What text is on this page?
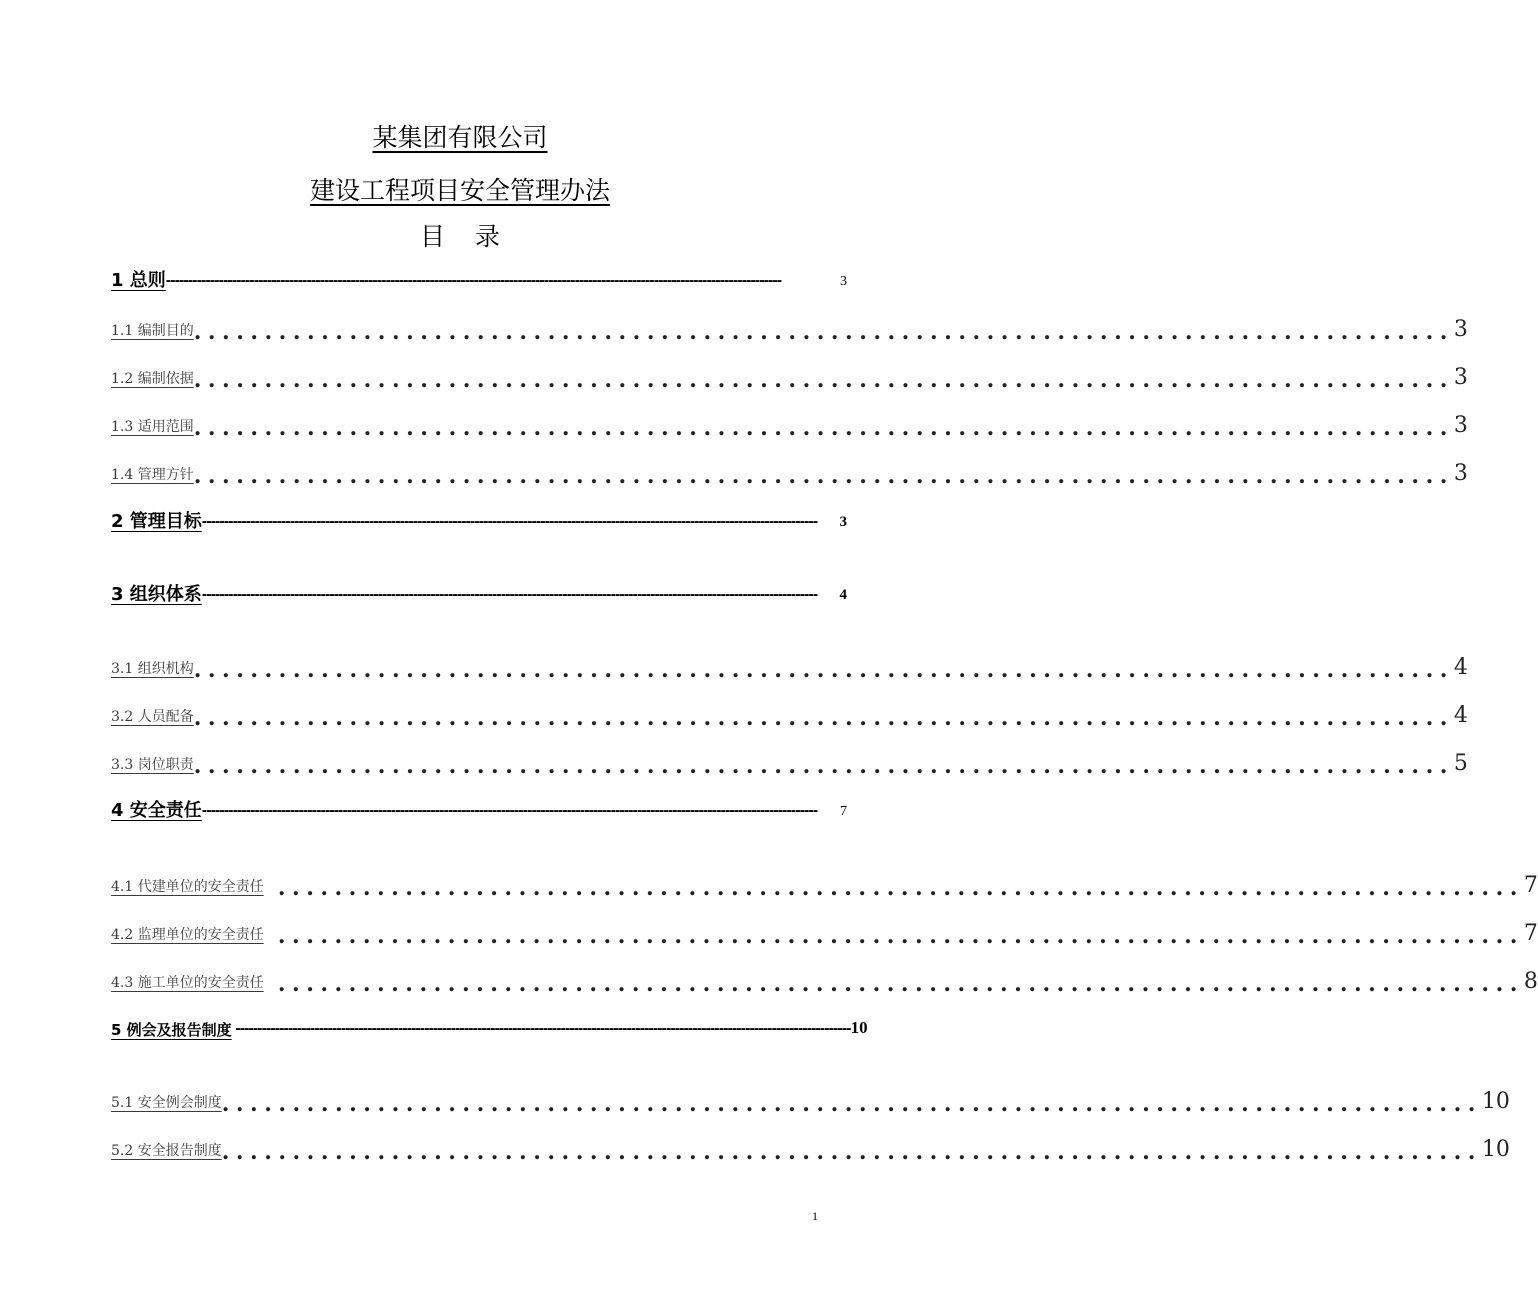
某集团有限公司
建设工程项目安全管理办法
目录
1 总则 --------------------------------------------------------------------------------------------------------------------------------------------	3
1.1 编制目的 ......................................................................................... 3
1.2 编制依据 ......................................................................................... 3
1.3 适用范围 ......................................................................................... 3
1.4 管理方针 ......................................................................................... 3
2 管理目标 --------------------------------------------------------------------------------------------------------------------------------------------	3
3 组织体系 --------------------------------------------------------------------------------------------------------------------------------------------	4
3.1 组织机构 ......................................................................................... 4
3.2 人员配备 ......................................................................................... 4
3.3 岗位职责 ......................................................................................... 5
4 安全责任 --------------------------------------------------------------------------------------------------------------------------------------------	7
4.1 代建单位的安全责任 ........................................................................................ 7
4.2 监理单位的安全责任 ........................................................................................ 7
4.3 施工单位的安全责任 ........................................................................................ 8
5 例会及报告制度 -------------------------------------------------------------------------------------------------------------------------------------------- 10
5.1 安全例会制度 ......................................................................................... 10
5.2 安全报告制度 ......................................................................................... 10
1
